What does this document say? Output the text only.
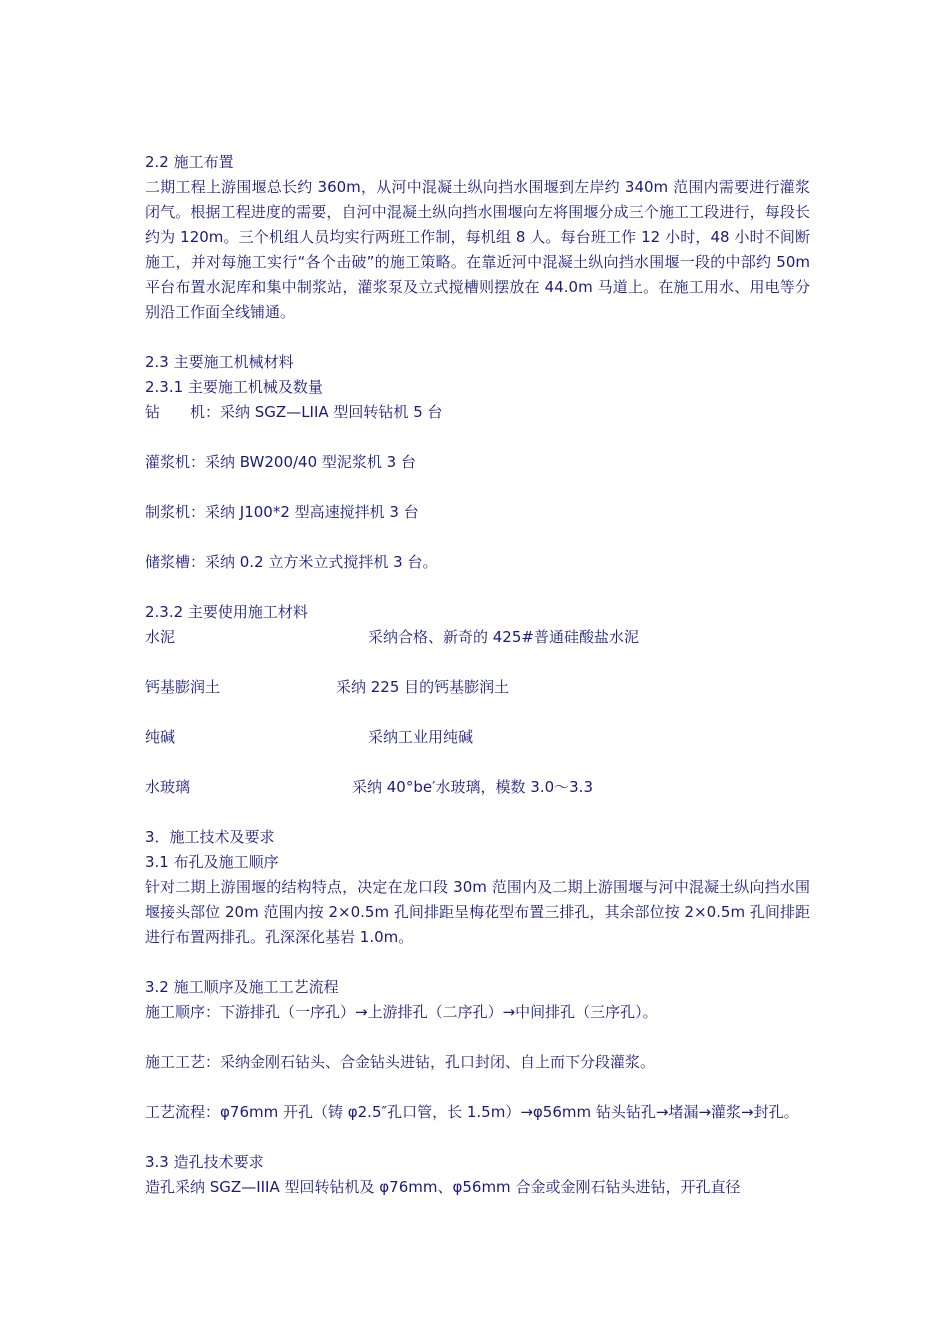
2.2 施工布置
二期工程上游围堰总长约 360m，从河中混凝土纵向挡水围堰到左岸约 340m 范围内需要进行灌浆闭气。根据工程进度的需要，自河中混凝土纵向挡水围堰向左将围堰分成三个施工工段进行，每段长约为 120m。三个机组人员均实行两班工作制，每机组 8 人。每台班工作 12 小时，48 小时不间断施工，并对每施工实行“各个击破”的施工策略。在靠近河中混凝土纵向挡水围堰一段的中部约 50m 平台布置水泥库和集中制浆站，灌浆泵及立式搅槽则摆放在 44.0m 马道上。在施工用水、用电等分别沿工作面全线铺通。
2.3 主要施工机械材料
2.3.1 主要施工机械及数量
钻　　机：采纳 SGZ—LIIA 型回转钻机 5 台
灌浆机：采纳 BW200/40 型泥浆机 3 台
制浆机：采纳 J100*2 型高速搅拌机 3 台
储浆槽：采纳 0.2 立方米立式搅拌机 3 台。
2.3.2 主要使用施工材料
水泥	采纳合格、新奇的 425#普通硅酸盐水泥
钙基膨润土	采纳 225 目的钙基膨润土
纯碱	采纳工业用纯碱
水玻璃	采纳 40°be′水玻璃，模数 3.0～3.3
3．施工技术及要求
3.1 布孔及施工顺序
针对二期上游围堰的结构特点，决定在龙口段 30m 范围内及二期上游围堰与河中混凝土纵向挡水围堰接头部位 20m 范围内按 2×0.5m 孔间排距呈梅花型布置三排孔，其余部位按 2×0.5m 孔间排距进行布置两排孔。孔深深化基岩 1.0m。
3.2 施工顺序及施工工艺流程
施工顺序：下游排孔（一序孔）→上游排孔（二序孔）→中间排孔（三序孔）。
施工工艺：采纳金刚石钻头、合金钻头进钻，孔口封闭、自上而下分段灌浆。
工艺流程：φ76mm 开孔（铸 φ2.5″孔口管，长 1.5m）→φ56mm 钻头钻孔→堵漏→灌浆→封孔。
3.3 造孔技术要求
造孔采纳 SGZ—IIIA 型回转钻机及 φ76mm、φ56mm 合金或金刚石钻头进钻，开孔直径
